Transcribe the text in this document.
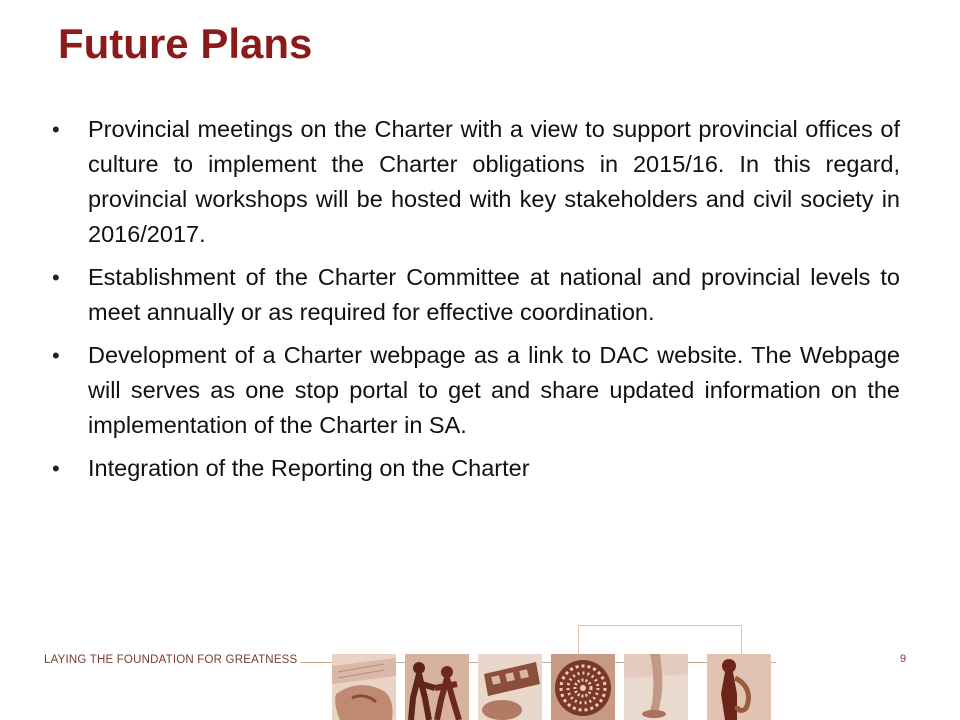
Future Plans
•	Provincial meetings on the Charter with a view to support provincial offices of culture to implement the Charter obligations in 2015/16. In this regard, provincial workshops will be hosted with key stakeholders and civil society in 2016/2017.
•	Establishment of the Charter Committee at national and provincial levels to meet annually or as required for effective coordination.
•	Development of a Charter webpage as a link to DAC website. The Webpage will serves as one stop portal to get and share updated information on the implementation of the Charter in SA.
•	Integration of the Reporting on the Charter
LAYING THE FOUNDATION FOR GREATNESS	9
